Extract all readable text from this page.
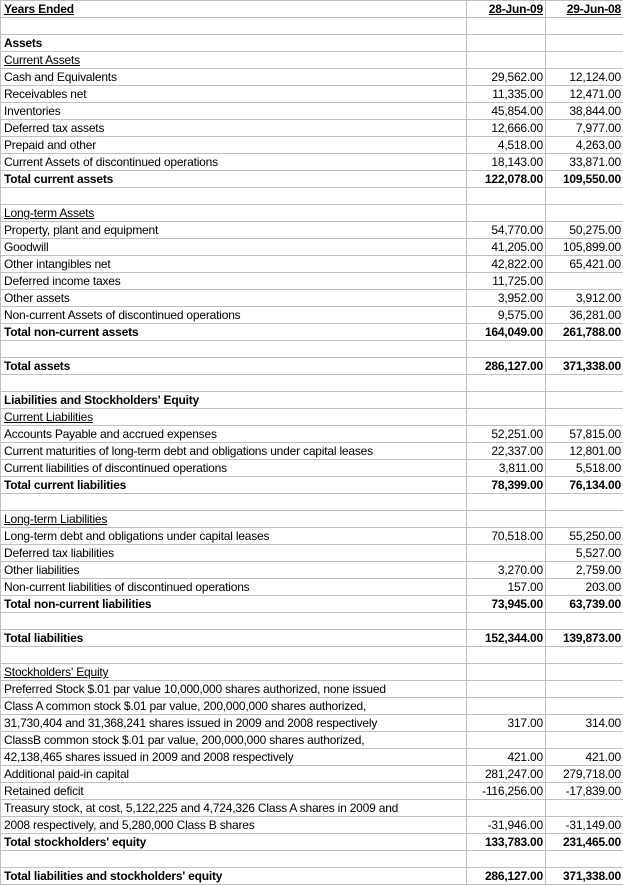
Years Ended	28-Jun-09	29-Jun-08

Assets		
Current Assets		
Cash and Equivalents	29,562.00	12,124.00
Receivables net	11,335.00	12,471.00
Inventories	45,854.00	38,844.00
Deferred tax assets	12,666.00	7,977.00
Prepaid and other	4,518.00	4,263.00
Current Assets of discontinued operations	18,143.00	33,871.00
Total current assets	122,078.00	109,550.00

Long-term Assets		
Property, plant and equipment	54,770.00	50,275.00
Goodwill	41,205.00	105,899.00
Other intangibles net	42,822.00	65,421.00
Deferred income taxes	11,725.00	
Other assets	3,952.00	3,912.00
Non-current Assets of discontinued operations	9,575.00	36,281.00
Total non-current assets	164,049.00	261,788.00

Total assets	286,127.00	371,338.00

Liabilities and Stockholders' Equity		
Current Liabilities		
Accounts Payable and accrued expenses	52,251.00	57,815.00
Current maturities of long-term debt and obligations under capital leases	22,337.00	12,801.00
Current liabilities of discontinued operations	3,811.00	5,518.00
Total current liabilities	78,399.00	76,134.00

Long-term Liabilities		
Long-term debt and obligations under capital leases	70,518.00	55,250.00
Deferred tax liabilities		5,527.00
Other liabilities	3,270.00	2,759.00
Non-current liabilities of discontinued operations	157.00	203.00
Total non-current liabilities	73,945.00	63,739.00

Total liabilities	152,344.00	139,873.00

Stockholders' Equity		
Preferred Stock $.01 par value 10,000,000 shares authorized, none issued		
Class A common stock $.01 par value, 200,000,000 shares authorized,		
31,730,404 and 31,368,241 shares issued in 2009 and 2008 respectively	317.00	314.00
ClassB common stock $.01 par value, 200,000,000 shares authorized,		
42,138,465 shares issued in 2009 and 2008 respectively	421.00	421.00
Additional paid-in capital	281,247.00	279,718.00
Retained deficit	-116,256.00	-17,839.00
Treasury stock, at cost, 5,122,225 and 4,724,326 Class A shares in 2009 and		
2008 respectively, and 5,280,000 Class B shares	-31,946.00	-31,149.00
Total stockholders' equity	133,783.00	231,465.00

Total liabilities and stockholders' equity	286,127.00	371,338.00
